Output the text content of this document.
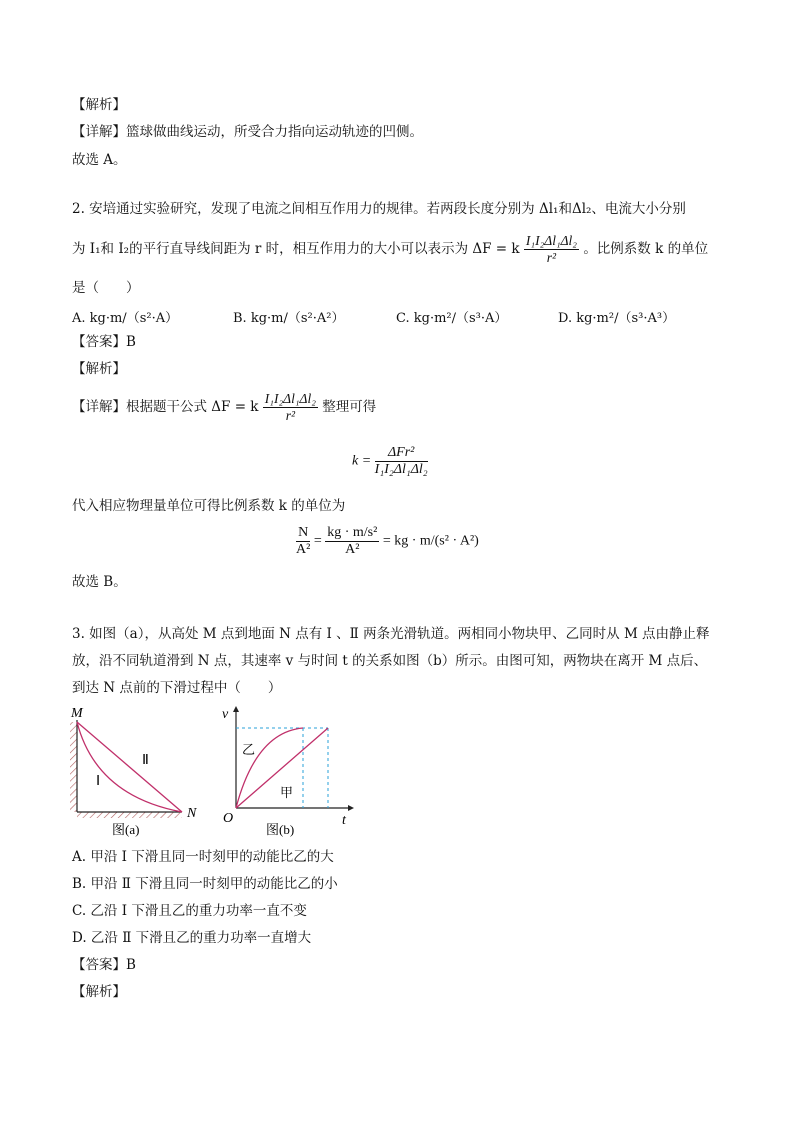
【解析】
【详解】篮球做曲线运动，所受合力指向运动轨迹的凹侧。
故选 A。
2. 安培通过实验研究，发现了电流之间相互作用力的规律。若两段长度分别为 Δl₁和Δl₂、电流大小分别
为 I₁和 I₂的平行直导线间距为 r 时，相互作用力的大小可以表示为 ΔF = k $\frac{\text{I₁I₂Δl₁Δl₂}}{\text{r²}}$ 。比例系数 k 的单位
是（　　）
A. kg·m/（s²·A）	B. kg·m/（s²·A²）	C. kg·m²/（s³·A）	D. kg·m²/（s³·A³）
【答案】B
【解析】
【详解】根据题干公式 ΔF = k $\frac{\text{I₁I₂Δl₁Δl₂}}{\text{r²}}$ 整理可得
$k = \frac{\text{ΔFr²}}{\text{I₁I₂Δl₁Δl₂}}$
代入相应物理量单位可得比例系数 k 的单位为
$\frac{N}{\text{A²}} = \frac{\text{kg · m/s²}}{\text{A²}}$ = kg · m/(s² · A²)
故选 B。
3. 如图（a），从高处 M 点到地面 N 点有 Ⅰ 、Ⅱ 两条光滑轨道。两相同小物块甲、乙同时从 M 点由静止释
放，沿不同轨道滑到 N 点，其速率 v 与时间 t 的关系如图（b）所示。由图可知，两物块在离开 M 点后、
到达 N 点前的下滑过程中（　　）
M
N
Ⅰ
Ⅱ
图(a)
v
t
O
乙
甲
图(b)
A. 甲沿 Ⅰ 下滑且同一时刻甲的动能比乙的大
B. 甲沿 Ⅱ 下滑且同一时刻甲的动能比乙的小
C. 乙沿 Ⅰ 下滑且乙的重力功率一直不变
D. 乙沿 Ⅱ 下滑且乙的重力功率一直增大
【答案】B
【解析】
